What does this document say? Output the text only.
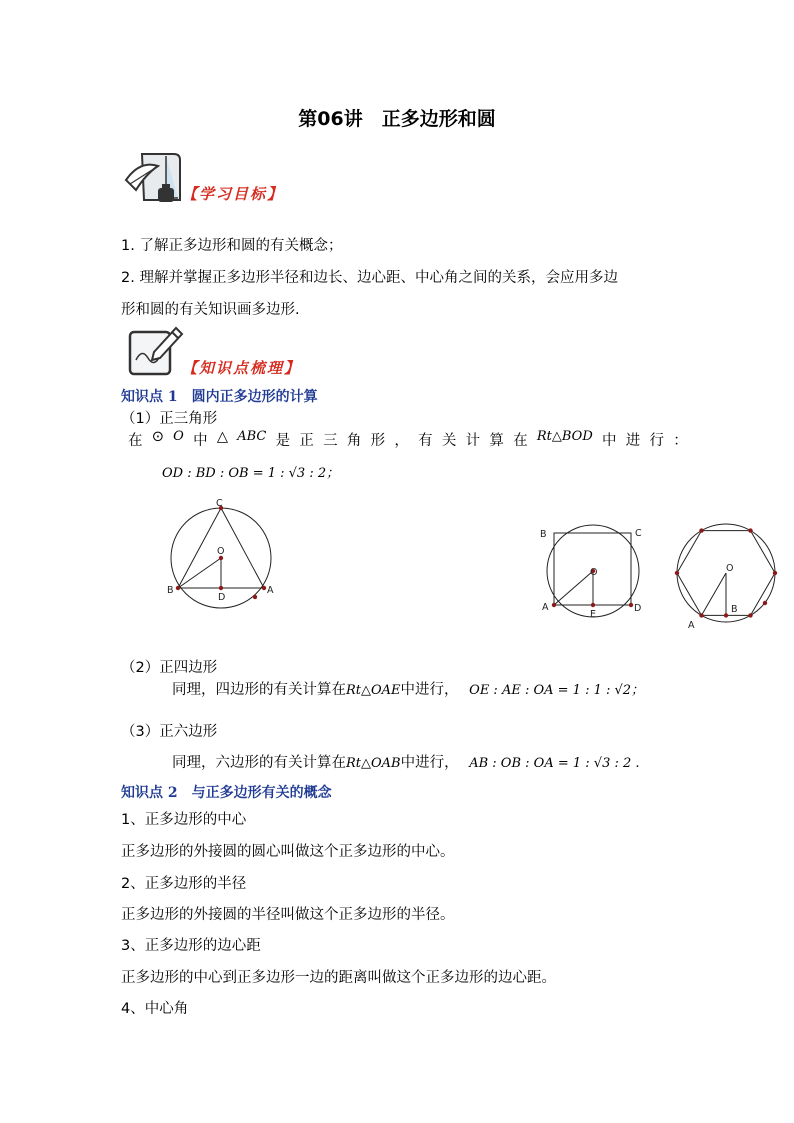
第06讲　正多边形和圆
【学习目标】
1. 了解正多边形和圆的有关概念；
2. 理解并掌握正多边形半径和边长、边心距、中心角之间的关系，会应用多边
形和圆的有关知识画多边形.
【知识点梳理】
知识点 1　圆内正多边形的计算
（1）正三角形
在 ⊙ O 中 △ ABC 是 正 三 角 形 ， 有 关 计 算 在 Rt△BOD 中 进 行 ：
OD : BD : OB = 1 : √3 : 2；
C
O
B
D
A
B	C
O
A
E
D
O
A
B
（2）正四边形
同理，四边形的有关计算在Rt△OAE中进行， OE : AE : OA = 1 : 1 : √2；
（3）正六边形
同理，六边形的有关计算在Rt△OAB中进行， AB : OB : OA = 1 : √3 : 2 .
知识点 2　与正多边形有关的概念
1、正多边形的中心
正多边形的外接圆的圆心叫做这个正多边形的中心。
2、正多边形的半径
正多边形的外接圆的半径叫做这个正多边形的半径。
3、正多边形的边心距
正多边形的中心到正多边形一边的距离叫做这个正多边形的边心距。
4、中心角
